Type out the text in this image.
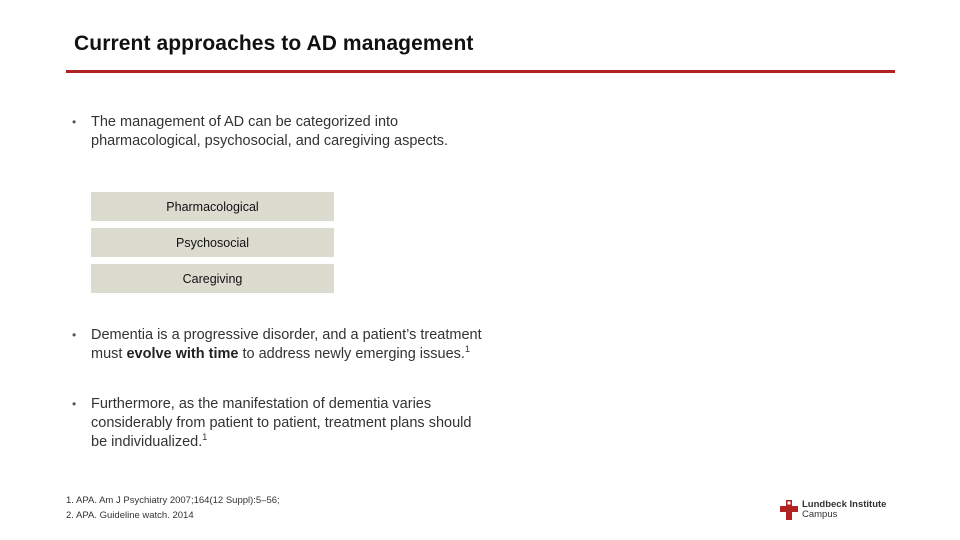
Current approaches to AD management
• The management of AD can be categorized into pharmacological, psychosocial, and caregiving aspects.
Pharmacological
Psychosocial
Caregiving
• Dementia is a progressive disorder, and a patient’s treatment must evolve with time to address newly emerging issues.$^1$
• Furthermore, as the manifestation of dementia varies considerably from patient to patient, treatment plans should be individualized.$^1$
1. APA. Am J Psychiatry 2007;164(12 Suppl):5–56;
2. APA. Guideline watch. 2014
Lundbeck Institute
Campus
